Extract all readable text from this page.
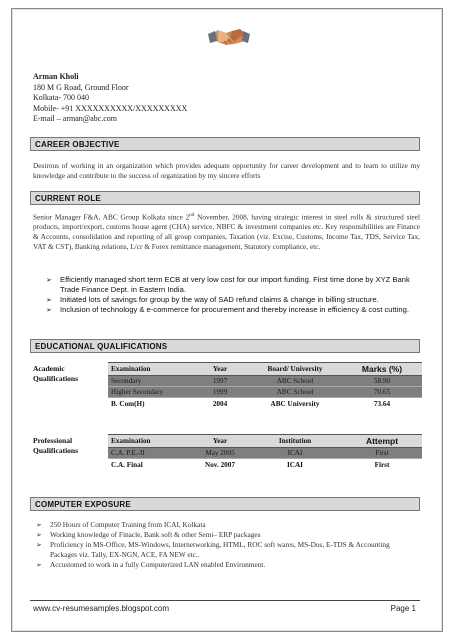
Arman Kholi
180 M G Road, Ground Floor
Kolkata- 700 040
Mobile- +91 XXXXXXXXXX/XXXXXXXXX
E-mail – arman@abc.com
CAREER OBJECTIVE
Desirous of working in an organization which provides adequate opportunity for career development and to learn to utilize my knowledge and contribute to the success of organization by my sincere efforts
CURRENT ROLE
Senior Manager F&A, ABC Group Kolkata since 2nd November, 2008, having strategic interest in steel rolls & structured steel products, import/export, customs house agent (CHA) service, NBFC & investment companies etc. Key responsibilities are Finance & Accounts, consolidation and reporting of all group companies, Taxation (viz. Excise, Customs, Income Tax, TDS, Service Tax, VAT & CST), Banking relations, L/cr & Forex remittance management, Statutory compliance, etc.
➢ Efficiently managed short term ECB at very low cost for our import funding. First time done by XYZ Bank Trade Finance Dept. in Eastern India.
➢ Initiated lots of savings for group by the way of SAD refund claims & change in billing structure.
➢ Inclusion of technology & e-commerce for procurement and thereby increase in efficiency & cost cutting.
EDUCATIONAL QUALIFICATIONS
Academic Qualifications
Examination	Year	Board/ University	Marks (%)
Secondary	1997	ABC School	58.90
Higher Secondary	1999	ABC School	70.65
B. Com(H)	2004	ABC University	73.64
Professional Qualifications
Examination	Year	Institution	Attempt
C.A. P.E.-II	May 2005	ICAI	First
C.A. Final	Nov. 2007	ICAI	First
COMPUTER EXPOSURE
➢ 250 Hours of Computer Training from ICAI, Kolkata
➢ Working knowledge of Finacle, Bank soft & other Semi– ERP packages
➢ Proficiency in MS-Office, MS-Windows, Internetworking, HTML, ROC soft wares, MS-Dos, E-TDS & Accounting Packages viz. Tally, EX-NGN, ACE, FA NEW etc..
➢ Accustomed to work in a fully Computerized LAN enabled Environment.
www.cv-resumesamples.blogspot.com	Page 1
